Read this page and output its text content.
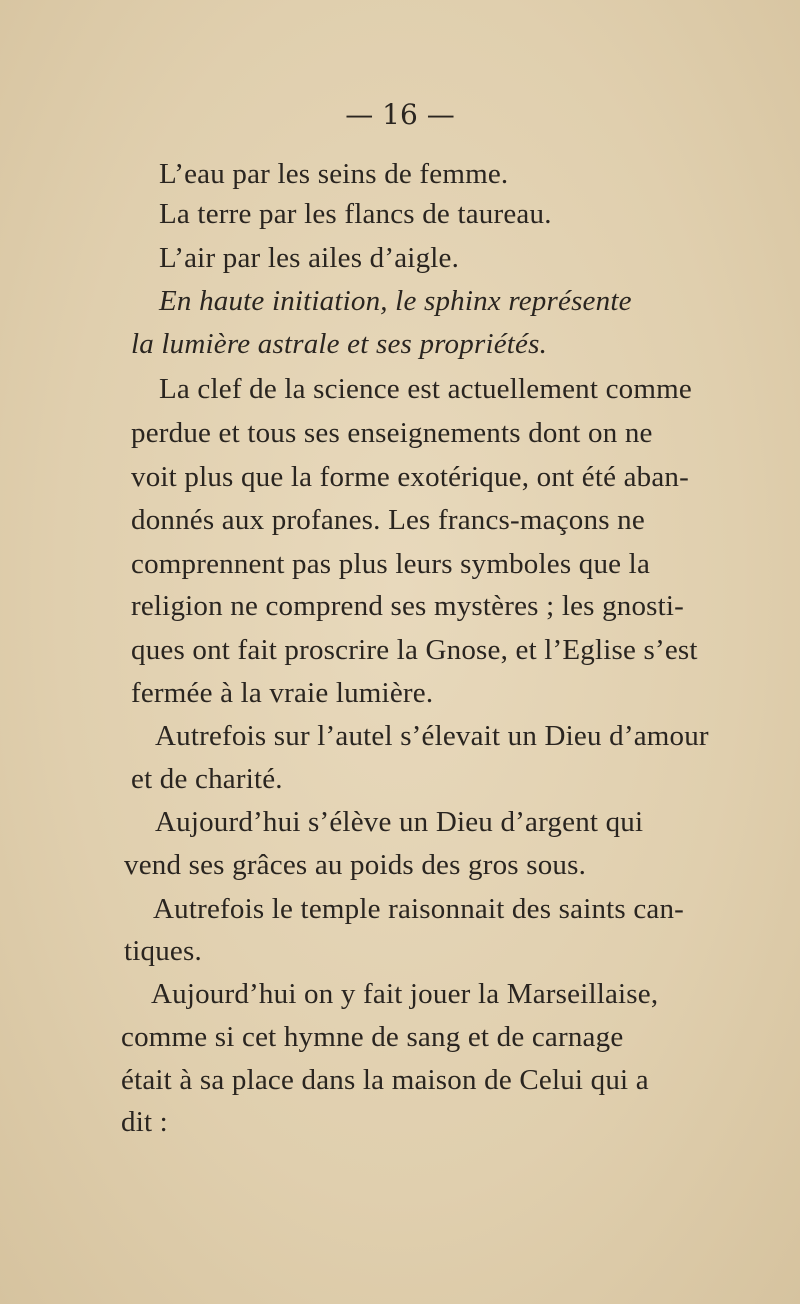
— 16 —
L’eau par les seins de femme.
La terre par les flancs de taureau.
L’air par les ailes d’aigle.
En haute initiation, le sphinx représente
la lumière astrale et ses propriétés.
La clef de la science est actuellement comme
perdue et tous ses enseignements dont on ne
voit plus que la forme exotérique, ont été aban-
donnés aux profanes. Les francs-maçons ne
comprennent pas plus leurs symboles que la
religion ne comprend ses mystères ; les gnosti-
ques ont fait proscrire la Gnose, et l’Eglise s’est
fermée à la vraie lumière.
Autrefois sur l’autel s’élevait un Dieu d’amour
et de charité.
Aujourd’hui s’élève un Dieu d’argent qui
vend ses grâces au poids des gros sous.
Autrefois le temple raisonnait des saints can-
tiques.
Aujourd’hui on y fait jouer la Marseillaise,
comme si cet hymne de sang et de carnage
était à sa place dans la maison de Celui qui a
dit :
